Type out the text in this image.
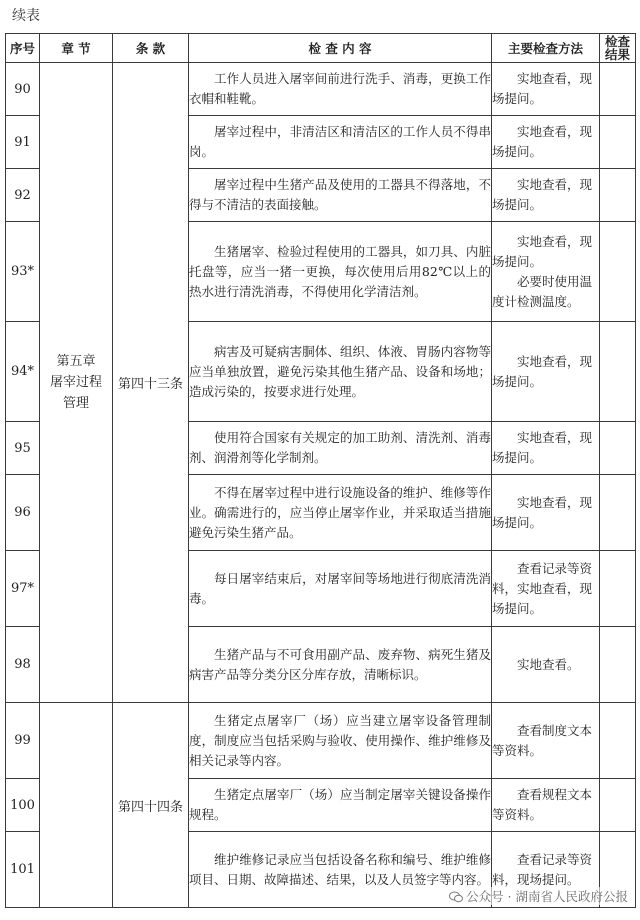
续表
序号	章 节	条 款	检 查 内 容	主要检查方法	检查
结果

90	第五章
屠宰过程
管理	第四十三条	工作人员进入屠宰间前进行洗手、消毒，更换工作衣帽和鞋靴。	实地查看，现场提问。	

91			屠宰过程中，非清洁区和清洁区的工作人员不得串岗。	实地查看，现场提问。	

92			屠宰过程中生猪产品及使用的工器具不得落地，不得与不清洁的表面接触。	实地查看，现场提问。	

93*			生猪屠宰、检验过程使用的工器具，如刀具、内脏托盘等，应当一猪一更换，每次使用后用82℃以上的热水进行清洗消毒，不得使用化学清洁剂。	实地查看，现场提问。
必要时使用温度计检测温度。	

94*			病害及可疑病害胴体、组织、体液、胃肠内容物等应当单独放置，避免污染其他生猪产品、设备和场地；造成污染的，按要求进行处理。	实地查看，现场提问。	

95			使用符合国家有关规定的加工助剂、清洗剂、消毒剂、润滑剂等化学制剂。	实地查看，现场提问。	

96			不得在屠宰过程中进行设施设备的维护、维修等作业。确需进行的，应当停止屠宰作业，并采取适当措施避免污染生猪产品。	实地查看，现场提问。	

97*			每日屠宰结束后，对屠宰间等场地进行彻底清洗消毒。	查看记录等资料，实地查看，现场提问。	

98			生猪产品与不可食用副产品、废弃物、病死生猪及病害产品等分类分区分库存放，清晰标识。	实地查看。	

99		第四十四条	生猪定点屠宰厂（场）应当建立屠宰设备管理制度，制度应当包括采购与验收、使用操作、维护维修及相关记录等内容。	查看制度文本等资料。	

100			生猪定点屠宰厂（场）应当制定屠宰关键设备操作规程。	查看规程文本等资料。	

101			维护维修记录应当包括设备名称和编号、维护维修项目、日期、故障描述、结果，以及人员签字等内容。	查看记录等资料，现场提问。	

公众号 · 湖南省人民政府公报
